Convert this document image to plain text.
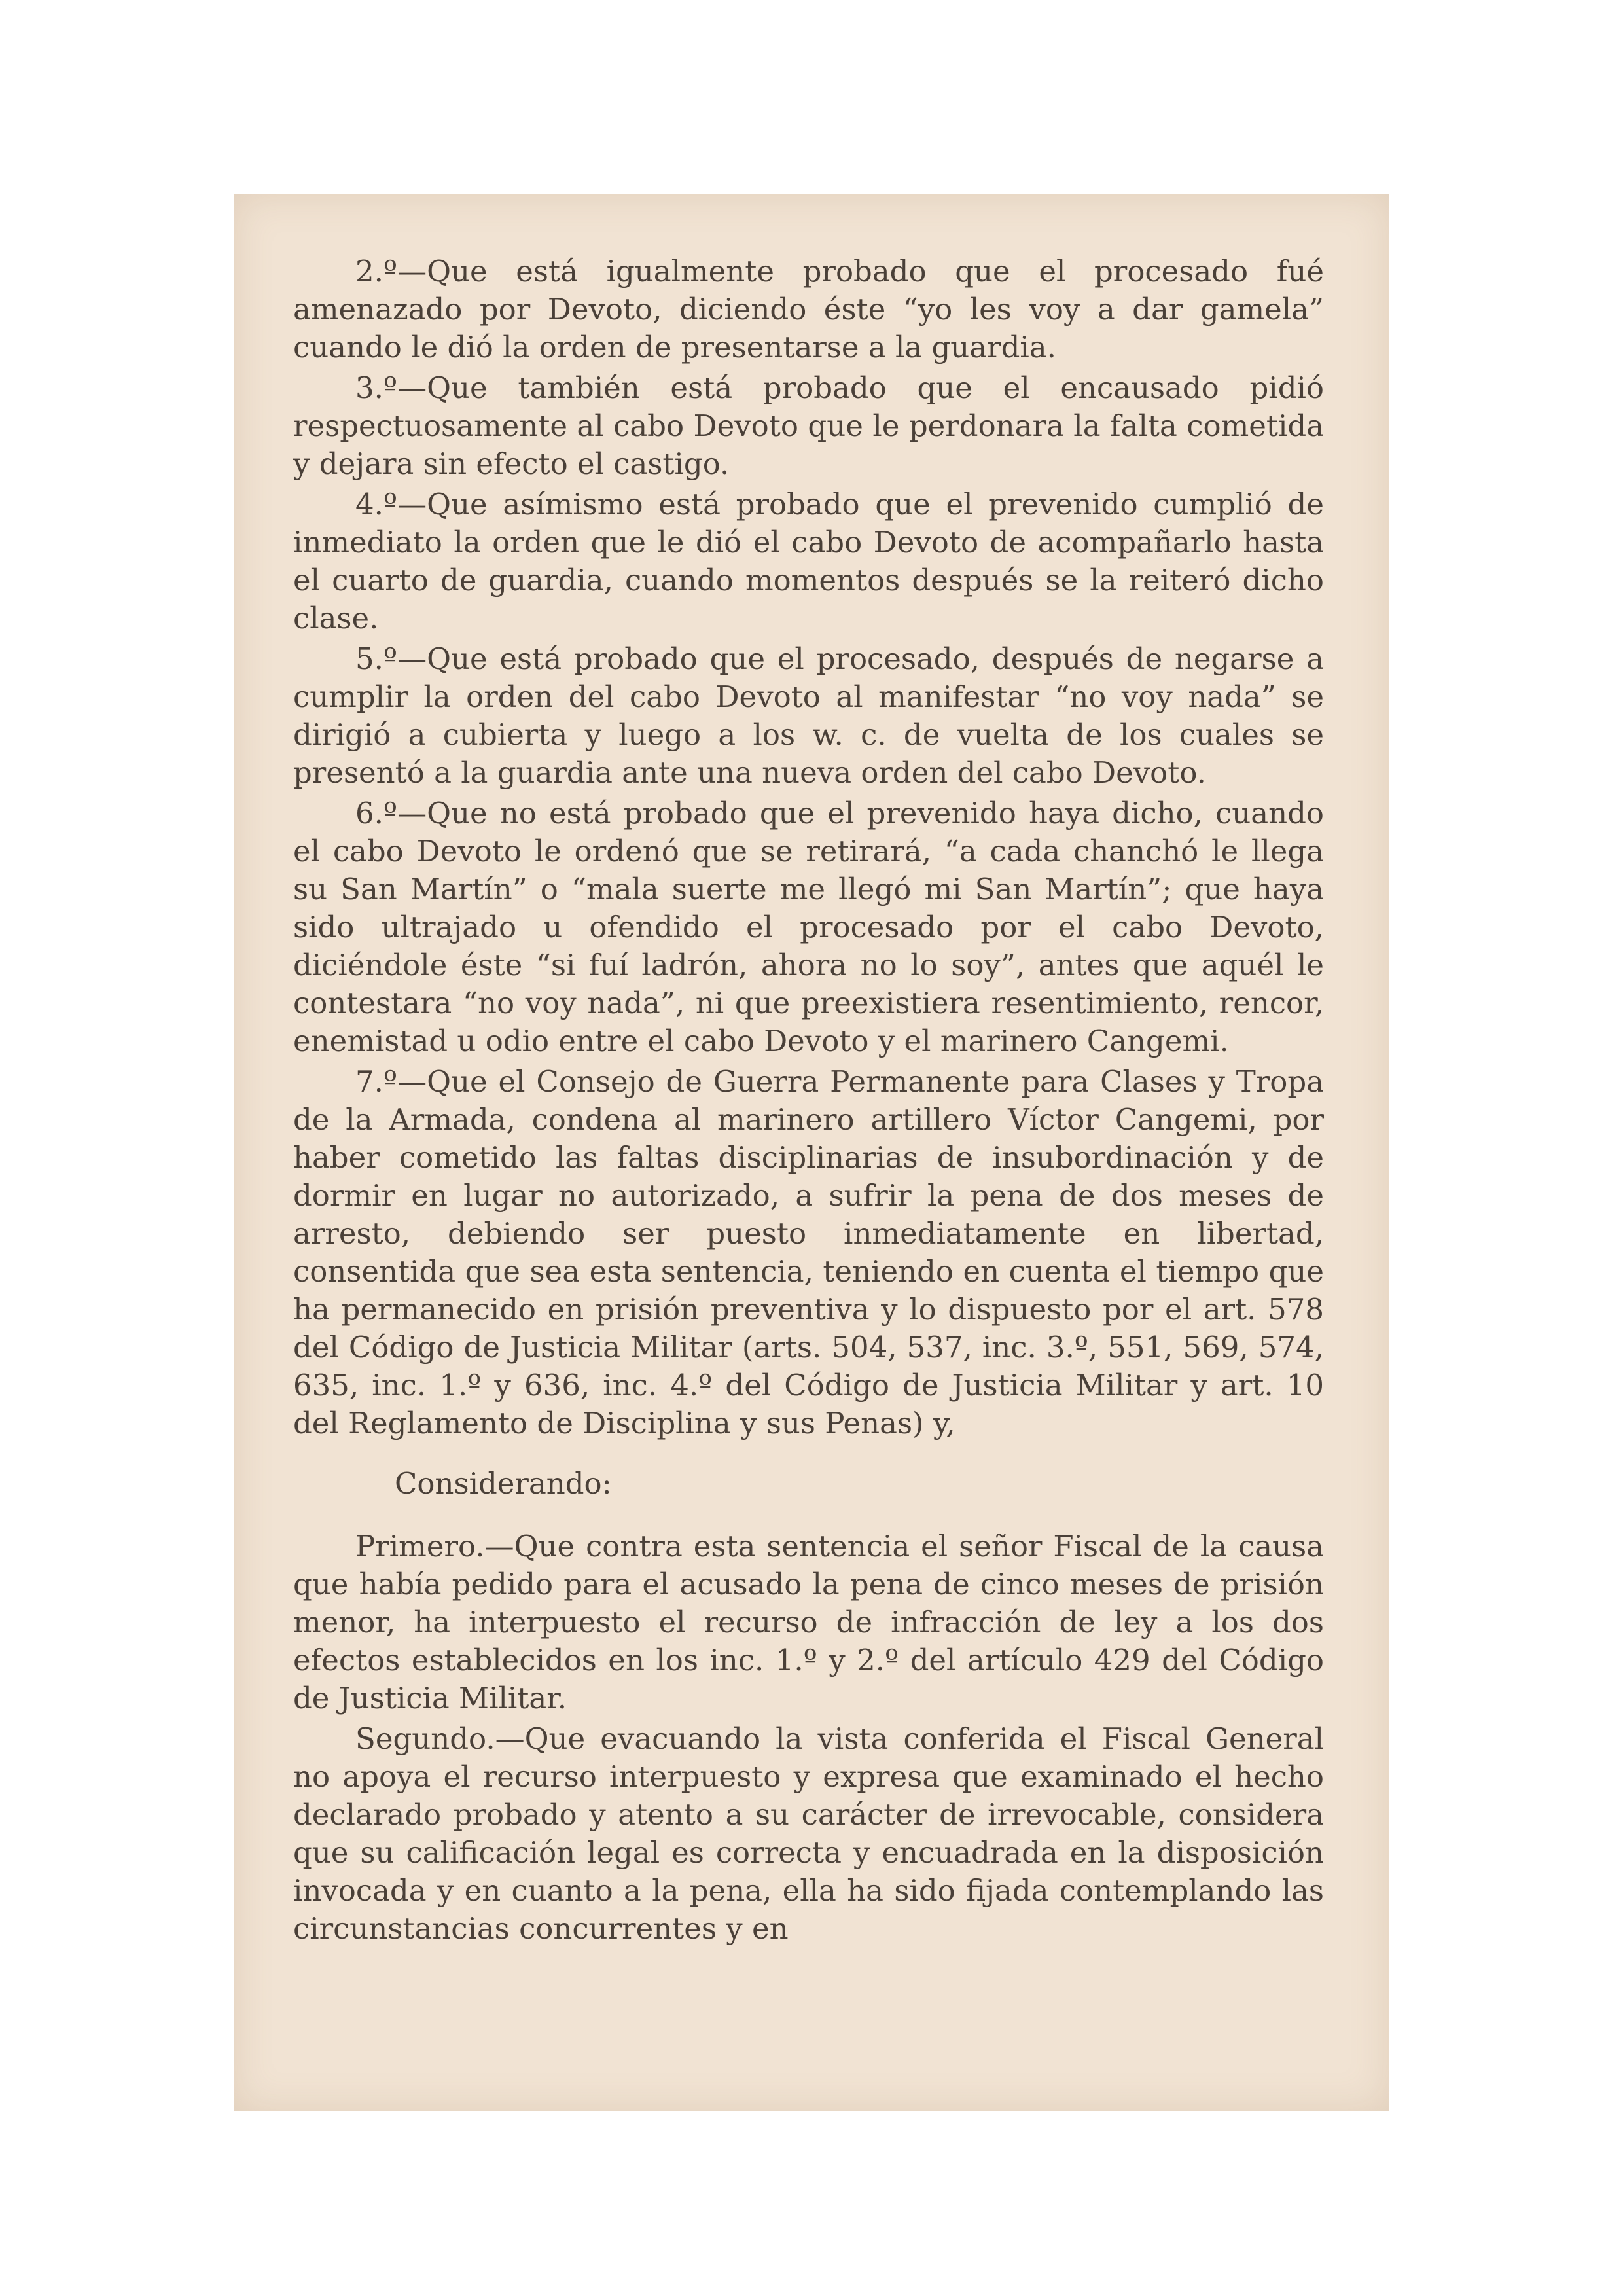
2.º—Que está igualmente probado que el procesado fué amenazado por Devoto, diciendo éste “yo les voy a dar gamela” cuando le dió la orden de presentarse a la guardia.

3.º—Que también está probado que el encausado pidió respectuosamente al cabo Devoto que le perdonara la falta cometida y dejara sin efecto el castigo.

4.º—Que asímismo está probado que el prevenido cumplió de inmediato la orden que le dió el cabo Devoto de acompañarlo hasta el cuarto de guardia, cuando momentos después se la reiteró dicho clase.

5.º—Que está probado que el procesado, después de negarse a cumplir la orden del cabo Devoto al manifestar “no voy nada” se dirigió a cubierta y luego a los w. c. de vuelta de los cuales se presentó a la guardia ante una nueva orden del cabo Devoto.

6.º—Que no está probado que el prevenido haya dicho, cuando el cabo Devoto le ordenó que se retirará, “a cada chanchó le llega su San Martín” o “mala suerte me llegó mi San Martín”; que haya sido ultrajado u ofendido el procesado por el cabo Devoto, diciéndole éste “si fuí ladrón, ahora no lo soy”, antes que aquél le contestara “no voy nada”, ni que preexistiera resentimiento, rencor, enemistad u odio entre el cabo Devoto y el marinero Cangemi.

7.º—Que el Consejo de Guerra Permanente para Clases y Tropa de la Armada, condena al marinero artillero Víctor Cangemi, por haber cometido las faltas disciplinarias de insubordinación y de dormir en lugar no autorizado, a sufrir la pena de dos meses de arresto, debiendo ser puesto inmediatamente en libertad, consentida que sea esta sentencia, teniendo en cuenta el tiempo que ha permanecido en prisión preventiva y lo dispuesto por el art. 578 del Código de Justicia Militar (arts. 504, 537, inc. 3.º, 551, 569, 574, 635, inc. 1.º y 636, inc. 4.º del Código de Justicia Militar y art. 10 del Reglamento de Disciplina y sus Penas) y,

Considerando:

Primero.—Que contra esta sentencia el señor Fiscal de la causa que había pedido para el acusado la pena de cinco meses de prisión menor, ha interpuesto el recurso de infracción de ley a los dos efectos establecidos en los inc. 1.º y 2.º del artículo 429 del Código de Justicia Militar.

Segundo.—Que evacuando la vista conferida el Fiscal General no apoya el recurso interpuesto y expresa que examinado el hecho declarado probado y atento a su carácter de irrevocable, considera que su calificación legal es correcta y encuadrada en la disposición invocada y en cuanto a la pena, ella ha sido fijada contemplando las circunstancias concurrentes y en
